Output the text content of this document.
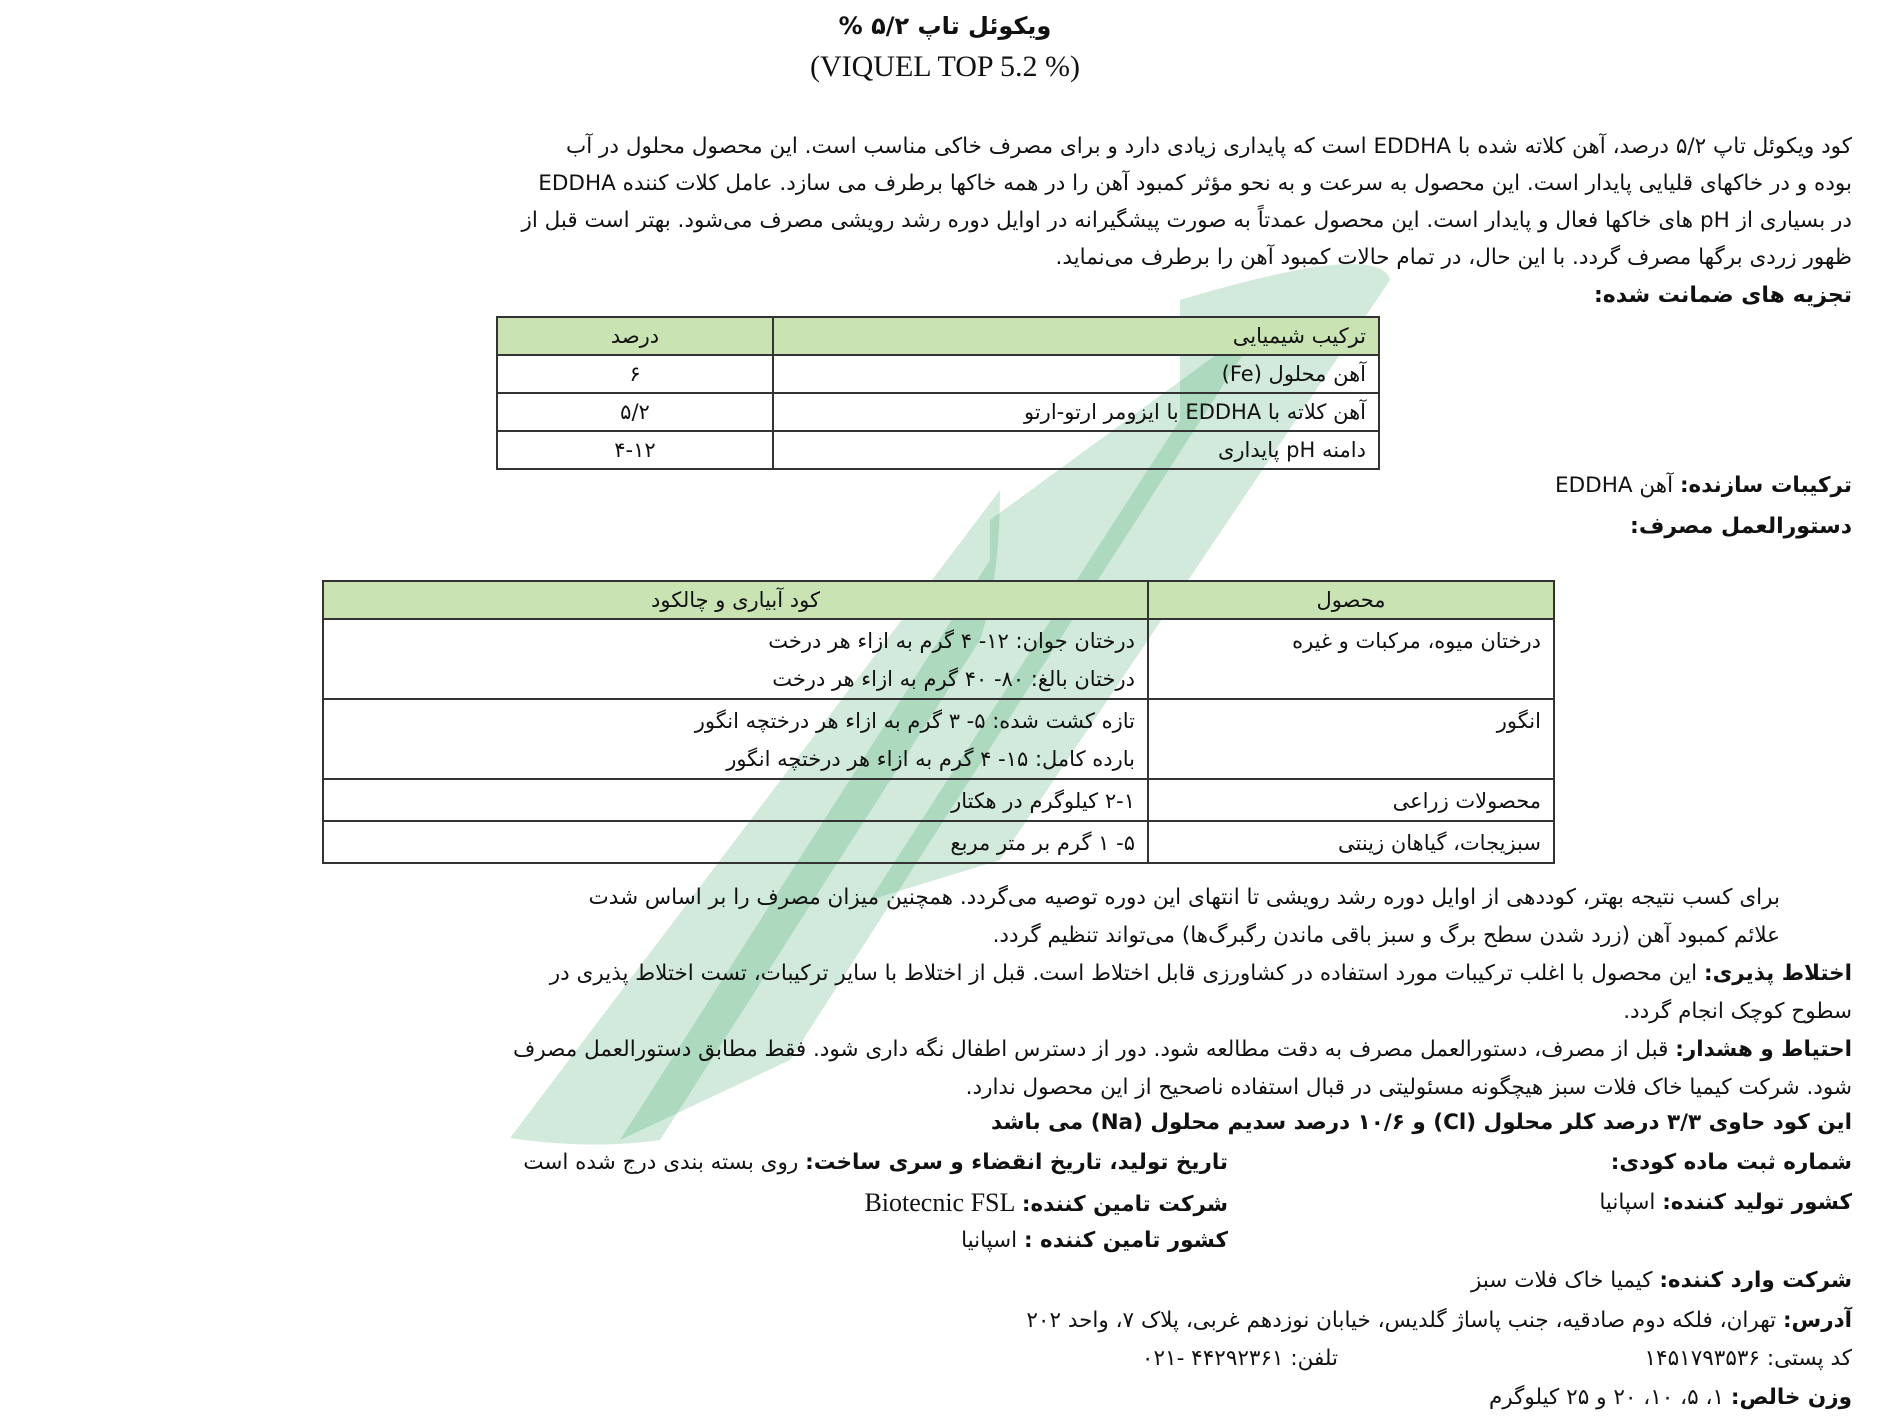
ویکوئل تاپ ۵/۲ %
(VIQUEL TOP 5.2 %)

کود ویکوئل تاپ ۵/۲ درصد، آهن کلاته شده با EDDHA است که پایداری زیادی دارد و برای مصرف خاکی مناسب است. این محصول محلول در آب

بوده و در خاکهای قلیایی پایدار است. این محصول به سرعت و به نحو مؤثر کمبود آهن را در همه خاکها برطرف می سازد. عامل کلات کننده EDDHA

در بسیاری از pH های خاکها فعال و پایدار است. این محصول عمدتاً به صورت پیشگیرانه در اوایل دوره رشد رویشی مصرف می‌شود. بهتر است قبل از

ظهور زردی برگها مصرف گردد. با این حال، در تمام حالات کمبود آهن را برطرف می‌نماید.

تجزیه های ضمانت شده:
ترکیب شیمیایی	درصد
آهن محلول (Fe)	۶
آهن کلاته با EDDHA با ایزومر ارتو-ارتو	۵/۲
دامنه pH پایداری	۴-۱۲
ترکیبات سازنده: آهن EDDHA
دستورالعمل مصرف:
محصول	کود آبیاری و چالکود
درختان میوه، مرکبات و غیره	درختان جوان: ۱۲- ۴ گرم به ازاء هر درخت
درختان بالغ: ۸۰- ۴۰ گرم به ازاء هر درخت

انگور	تازه کشت شده: ۵- ۳ گرم به ازاء هر درختچه انگور
بارده کامل: ۱۵- ۴ گرم به ازاء هر درختچه انگور

محصولات زراعی	۲-۱ کیلوگرم در هکتار

سبزیجات، گیاهان زینتی	۵- ۱ گرم بر متر مربع

برای کسب نتیجه بهتر، کوددهی از اوایل دوره رشد رویشی تا انتهای این دوره توصیه می‌گردد. همچنین میزان مصرف را بر اساس شدت

علائم کمبود آهن (زرد شدن سطح برگ و سبز باقی ماندن رگبرگ‌ها) می‌تواند تنظیم گردد.

اختلاط پذیری: این محصول با اغلب ترکیبات مورد استفاده در کشاورزی قابل اختلاط است. قبل از اختلاط با سایر ترکیبات، تست اختلاط پذیری در

سطوح کوچک انجام گردد.

احتیاط و هشدار: قبل از مصرف، دستورالعمل مصرف به دقت مطالعه شود. دور از دسترس اطفال نگه داری شود. فقط مطابق دستورالعمل مصرف

شود. شرکت کیمیا خاک فلات سبز هیچگونه مسئولیتی در قبال استفاده ناصحیح از این محصول ندارد.

این کود حاوی ۳/۳ درصد کلر محلول (Cl) و ۱۰/۶ درصد سدیم محلول (Na) می باشد
شماره ثبت ماده کودی:
تاریخ تولید، تاریخ انقضاء و سری ساخت: روی بسته بندی درج شده است
کشور تولید کننده: اسپانیا
شرکت تامین کننده: Biotecnic FSL
کشور تامین کننده : اسپانیا
شرکت وارد کننده: کیمیا خاک فلات سبز
آدرس: تهران، فلکه دوم صادقیه، جنب پاساژ گلدیس، خیابان نوزدهم غربی، پلاک ۷، واحد ۲۰۲
کد پستی: ۱۴۵۱۷۹۳۵۳۶
تلفن: ۴۴۲۹۲۳۶۱ -۰۲۱
وزن خالص: ۱، ۵، ۱۰، ۲۰ و ۲۵ کیلوگرم
